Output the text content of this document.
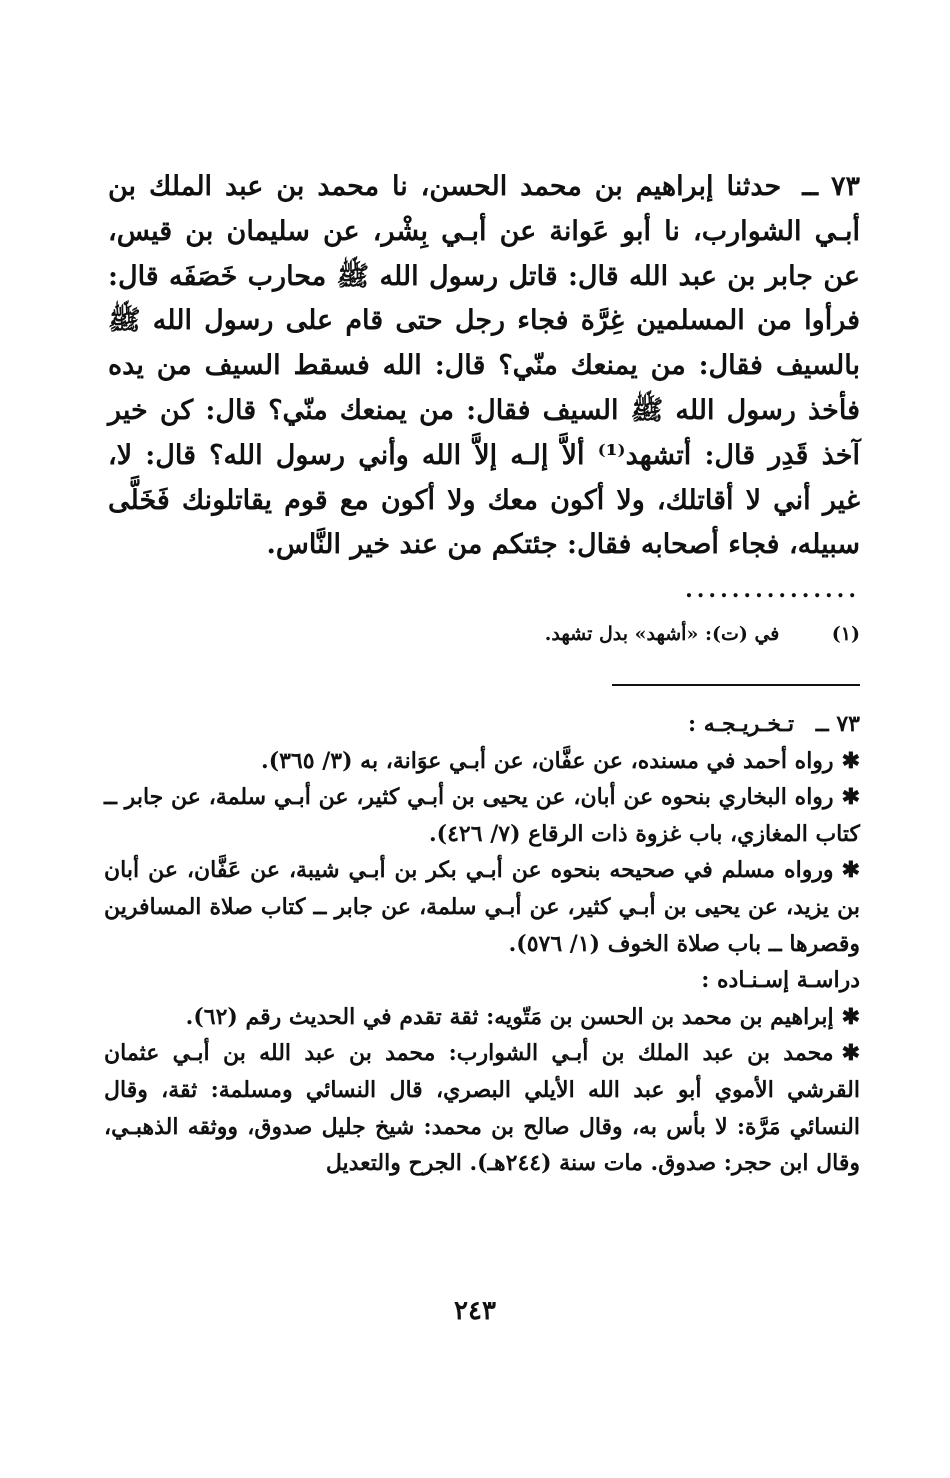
٧٣ ــ حدثنا إبراهيم بن محمد الحسن، نا محمد بن عبد الملك بن أبـي الشوارب، نا أبو عَوانة عن أبـي بِشْر، عن سليمان بن قيس، عن جابر بن عبد الله قال: قاتل رسول الله ﷺ محارب خَصَفَه قال: فرأوا من المسلمين غِرَّة فجاء رجل حتى قام على رسول الله ﷺ بالسيف فقال: من يمنعك منّي؟ قال: الله فسقط السيف من يده فأخذ رسول الله ﷺ السيف فقال: من يمنعك منّي؟ قال: كن خير آخذ قَدِر قال: أتشهد⁽¹⁾ ألاَّ إلـه إلاَّ الله وأني رسول الله؟ قال: لا، غير أني لا أقاتلك، ولا أكون معك ولا أكون مع قوم يقاتلونك فَخَلَّى سبيله، فجاء أصحابه فقال: جئتكم من عند خير النَّاس.
...............
(١) في (ت): «أشهد» بدل تشهد.

٧٣ ــ تـخـريـجـه :

✱رواه أحمد في مسنده، عن عفَّان، عن أبـي عوَانة، به (٣/ ٣٦٥).

✱رواه البخاري بنحوه عن أبان، عن يحيى بن أبـي كثير، عن أبـي سلمة، عن جابر ــ كتاب المغازي، باب غزوة ذات الرقاع (٧/ ٤٢٦).

✱ورواه مسلم في صحيحه بنحوه عن أبـي بكر بن أبـي شيبة، عن عَفَّان، عن أبان بن يزيد، عن يحيى بن أبـي كثير، عن أبـي سلمة، عن جابر ــ كتاب صلاة المسافرين وقصرها ــ باب صلاة الخوف (١/ ٥٧٦).

دراسـة إسـنـاده :

✱إبراهيم بن محمد بن الحسن بن مَتّويه: ثقة تقدم في الحديث رقم (٦٢).

✱محمد بن عبد الملك بن أبـي الشوارب: محمد بن عبد الله بن أبـي عثمان القرشي الأموي أبو عبد الله الأيلي البصري، قال النسائي ومسلمة: ثقة، وقال النسائي مَرَّة: لا بأس به، وقال صالح بن محمد: شيخ جليل صدوق، ووثقه الذهبـي، وقال ابن حجر: صدوق. مات سنة (٢٤٤هـ). الجرح والتعديل

٢٤٣
